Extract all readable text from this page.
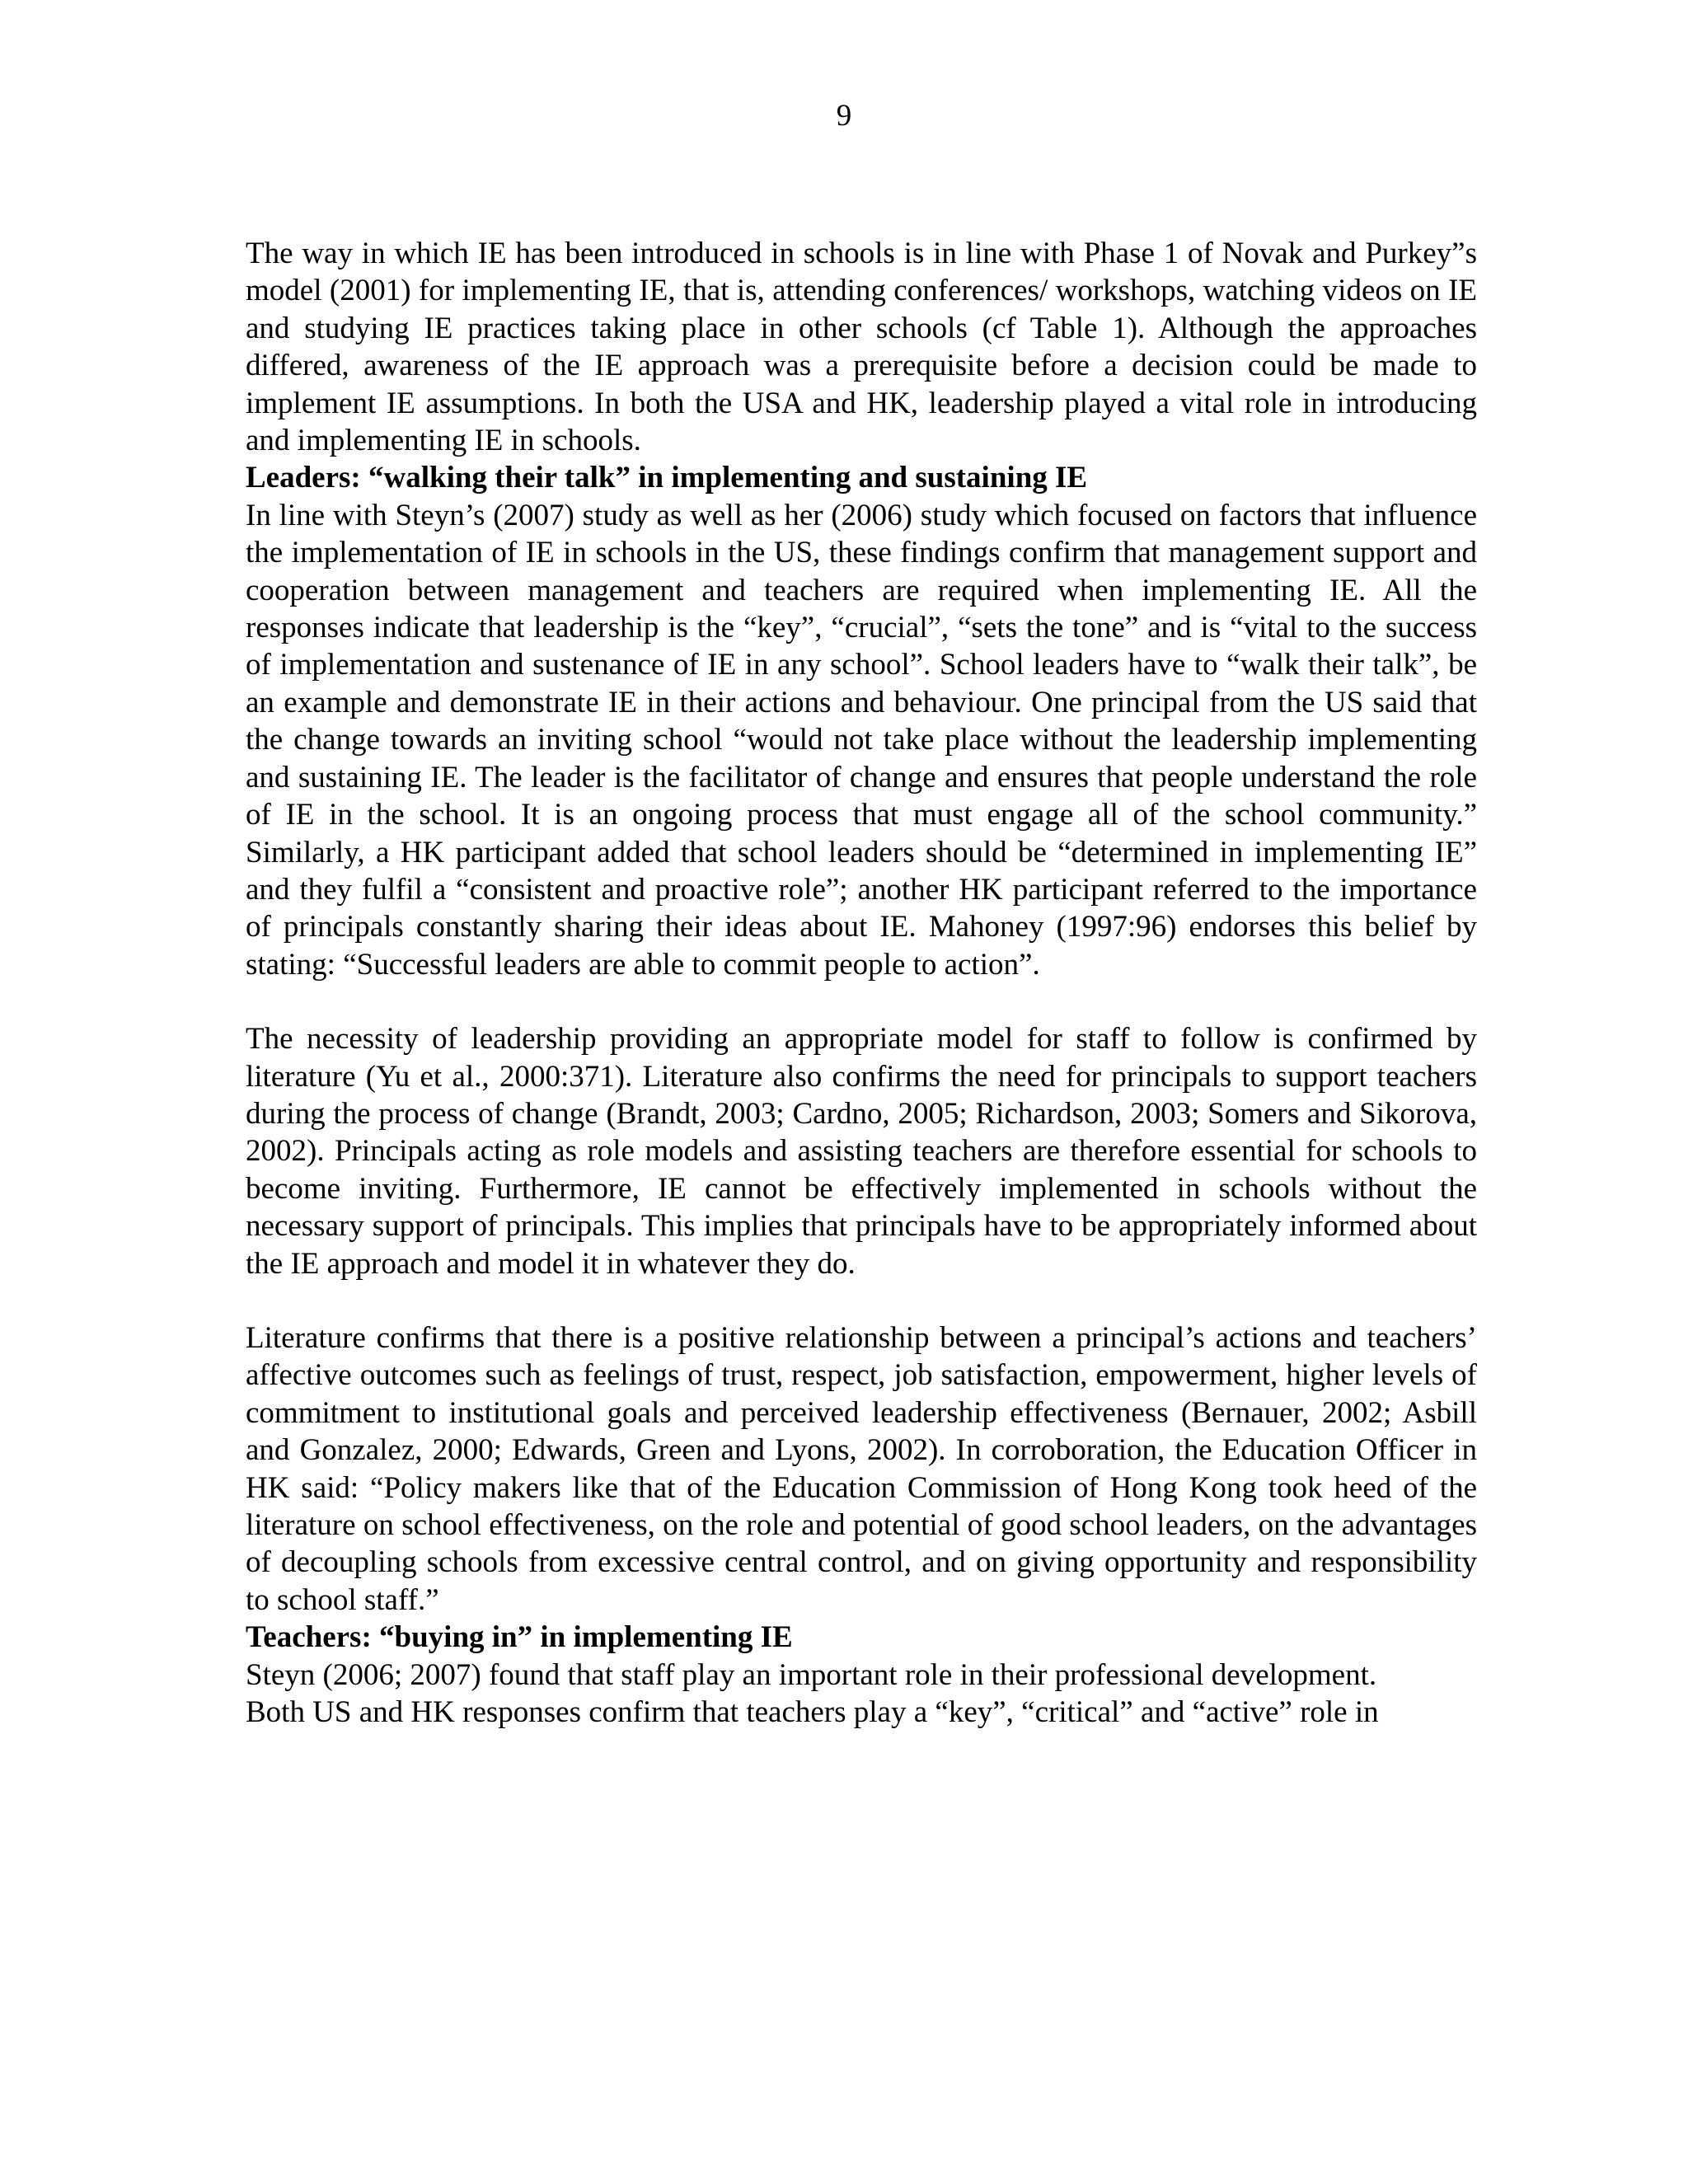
9

The way in which IE has been introduced in schools is in line with Phase 1 of Novak and Purkey”s model (2001) for implementing IE, that is, attending conferences/ workshops, watching videos on IE and studying IE practices taking place in other schools (cf Table 1). Although the approaches differed, awareness of the IE approach was a prerequisite before a decision could be made to implement IE assumptions. In both the USA and HK, leadership played a vital role in introducing and implementing IE in schools.

Leaders: “walking their talk” in implementing and sustaining IE

In line with Steyn’s (2007) study as well as her (2006) study which focused on factors that influence the implementation of IE in schools in the US, these findings confirm that management support and cooperation between management and teachers are required when implementing IE. All the responses indicate that leadership is the “key”, “crucial”, “sets the tone” and is “vital to the success of implementation and sustenance of IE in any school”. School leaders have to “walk their talk”, be an example and demonstrate IE in their actions and behaviour. One principal from the US said that the change towards an inviting school “would not take place without the leadership implementing and sustaining IE. The leader is the facilitator of change and ensures that people understand the role of IE in the school. It is an ongoing process that must engage all of the school community.” Similarly, a HK participant added that school leaders should be “determined in implementing IE” and they fulfil a “consistent and proactive role”; another HK participant referred to the importance of principals constantly sharing their ideas about IE. Mahoney (1997:96) endorses this belief by stating: “Successful leaders are able to commit people to action”.

The necessity of leadership providing an appropriate model for staff to follow is confirmed by literature (Yu et al., 2000:371). Literature also confirms the need for principals to support teachers during the process of change (Brandt, 2003; Cardno, 2005; Richardson, 2003; Somers and Sikorova, 2002). Principals acting as role models and assisting teachers are therefore essential for schools to become inviting. Furthermore, IE cannot be effectively implemented in schools without the necessary support of principals. This implies that principals have to be appropriately informed about the IE approach and model it in whatever they do.

Literature confirms that there is a positive relationship between a principal’s actions and teachers’ affective outcomes such as feelings of trust, respect, job satisfaction, empowerment, higher levels of commitment to institutional goals and perceived leadership effectiveness (Bernauer, 2002; Asbill and Gonzalez, 2000; Edwards, Green and Lyons, 2002). In corroboration, the Education Officer in HK said: “Policy makers like that of the Education Commission of Hong Kong took heed of the literature on school effectiveness, on the role and potential of good school leaders, on the advantages of decoupling schools from excessive central control, and on giving opportunity and responsibility to school staff.”

Teachers: “buying in” in implementing IE

Steyn (2006; 2007) found that staff play an important role in their professional development.

Both US and HK responses confirm that teachers play a “key”, “critical” and “active” role in
